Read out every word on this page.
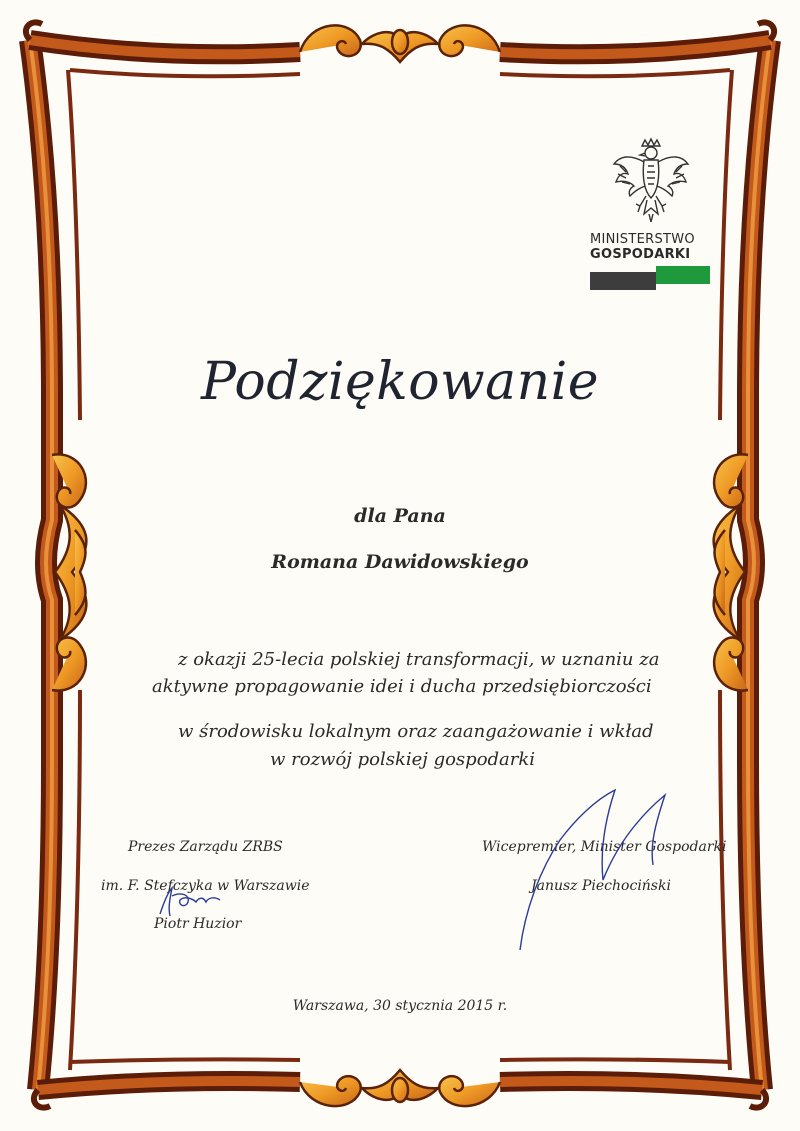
MINISTERSTWO
GOSPODARKI
Podziękowanie
dla Pana
Romana Dawidowskiego
z okazji 25-lecia polskiej transformacji, w uznaniu za
aktywne propagowanie idei i ducha przedsiębiorczości
w środowisku lokalnym oraz zaangażowanie i wkład
w rozwój polskiej gospodarki
Prezes Zarządu ZRBS
im. F. Stefczyka w Warszawie
Piotr Huzior
Wicepremier, Minister Gospodarki
Janusz Piechociński
Warszawa, 30 stycznia 2015 r.
